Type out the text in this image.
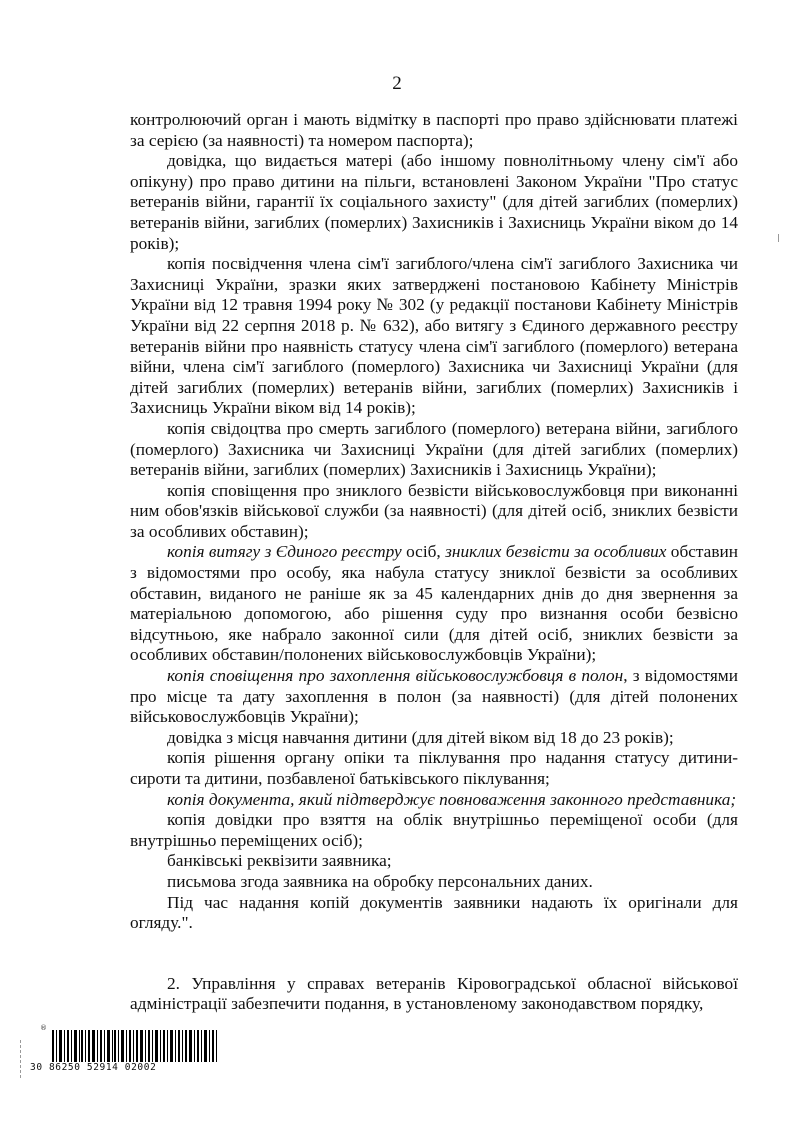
2

контролюючий орган і мають відмітку в паспорті про право здійснювати платежі за серією (за наявності) та номером паспорта);

довідка, що видається матері (або іншому повнолітньому члену сім'ї або опікуну) про право дитини на пільги, встановлені Законом України "Про статус ветеранів війни, гарантії їх соціального захисту" (для дітей загиблих (померлих) ветеранів війни, загиблих (померлих) Захисників і Захисниць України віком до 14 років);

копія посвідчення члена сім'ї загиблого/члена сім'ї загиблого Захисника чи Захисниці України, зразки яких затверджені постановою Кабінету Міністрів України від 12 травня 1994 року № 302 (у редакції постанови Кабінету Міністрів України від 22 серпня 2018 р. № 632), або витягу з Єдиного державного реєстру ветеранів війни про наявність статусу члена сім'ї загиблого (померлого) ветерана війни, члена сім'ї загиблого (померлого) Захисника чи Захисниці України (для дітей загиблих (померлих) ветеранів війни, загиблих (померлих) Захисників і Захисниць України віком від 14 років);

копія свідоцтва про смерть загиблого (померлого) ветерана війни, загиблого (померлого) Захисника чи Захисниці України (для дітей загиблих (померлих) ветеранів війни, загиблих (померлих) Захисників і Захисниць України);

копія сповіщення про зниклого безвісти військовослужбовця при виконанні ним обов'язків військової служби (за наявності) (для дітей осіб, зниклих безвісти за особливих обставин);

копія витягу з Єдиного реєстру осіб, зниклих безвісти за особливих обставин з відомостями про особу, яка набула статусу зниклої безвісти за особливих обставин, виданого не раніше як за 45 календарних днів до дня звернення за матеріальною допомогою, або рішення суду про визнання особи безвісно відсутньою, яке набрало законної сили (для дітей осіб, зниклих безвісти за особливих обставин/полонених військовослужбовців України);

копія сповіщення про захоплення військовослужбовця в полон, з відомостями про місце та дату захоплення в полон (за наявності) (для дітей полонених військовослужбовців України);

довідка з місця навчання дитини (для дітей віком від 18 до 23 років);

копія рішення органу опіки та піклування про надання статусу дитини-сироти та дитини, позбавленої батьківського піклування;

копія документа, який підтверджує повноваження законного представника;

копія довідки про взяття на облік внутрішньо переміщеної особи (для внутрішньо переміщених осіб);

банківські реквізити заявника;

письмова згода заявника на обробку персональних даних.

Під час надання копій документів заявники надають їх оригінали для огляду.".

2. Управління у справах ветеранів Кіровоградської обласної військової адміністрації забезпечити подання, в установленому законодавством порядку,

®
30 86250 52914 02002
